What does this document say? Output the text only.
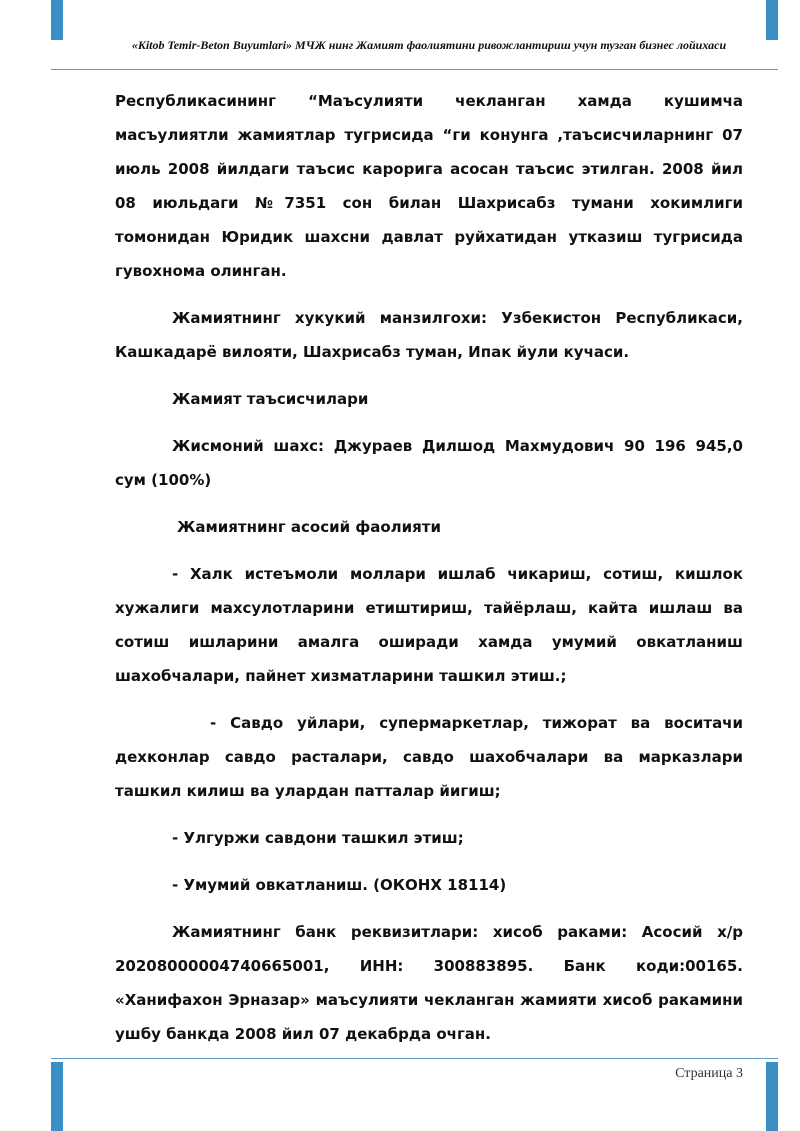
«Kitob Temir-Beton Buyumlari» МЧЖ нинг Жамият фаолиятини ривожлантириш учун тузган бизнес лойихаси

Республикасининг “Маъсулияти чекланган хамда кушимча масъулиятли жамиятлар тугрисида “ги конунга ,таъсисчиларнинг 07 июль 2008 йилдаги таъсис карорига асосан таъсис этилган. 2008 йил 08 июльдаги №7351 сон билан Шахрисабз тумани хокимлиги томонидан Юридик шахсни давлат руйхатидан утказиш тугрисида гувохнома олинган.

Жамиятнинг хукукий манзилгохи: Узбекистон Республикаси, Кашкадарё вилояти, Шахрисабз туман, Ипак йули кучаси.

Жамият таъсисчилари

Жисмоний шахс: Джураев Дилшод Махмудович 90 196 945,0 сум (100%)

Жамиятнинг асосий фаолияти

- Халк истеъмоли моллари ишлаб чикариш, сотиш, кишлок хужалиги махсулотларини етиштириш, тайёрлаш, кайта ишлаш ва сотиш ишларини амалга оширади хамда умумий овкатланиш шахобчалари, пайнет хизматларини ташкил этиш.;

- Савдо уйлари, супермаркетлар, тижорат ва воситачи дехконлар савдо расталари, савдо шахобчалари ва марказлари ташкил килиш ва улардан патталар йигиш;

- Улгуржи савдони ташкил этиш;

- Умумий овкатланиш. (ОКОНХ 18114)

Жамиятнинг банк реквизитлари: хисоб раками: Асосий х/р 20208000004740665001, ИНН: 300883895. Банк коди:00165. «Ханифахон Эрназар» маъсулияти чекланган жамияти хисоб ракамини ушбу банкда 2008 йил 07 декабрда очган.

Страница 3
